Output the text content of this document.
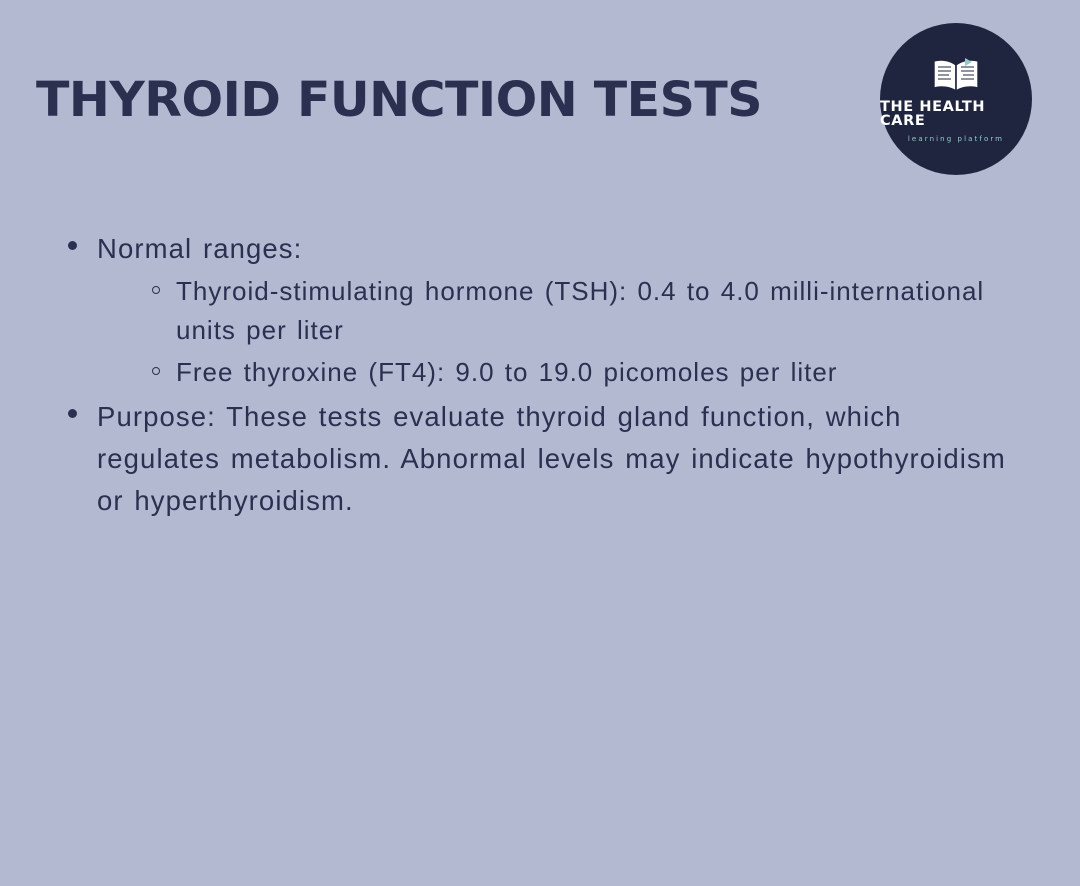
THYROID FUNCTION TESTS	THE HEALTH CARE
learning platform
Normal ranges:
Thyroid-stimulating hormone (TSH): 0.4 to 4.0 milli-international units per liter
Free thyroxine (FT4): 9.0 to 19.0 picomoles per liter
Purpose: These tests evaluate thyroid gland function, which regulates metabolism. Abnormal levels may indicate hypothyroidism or hyperthyroidism.
